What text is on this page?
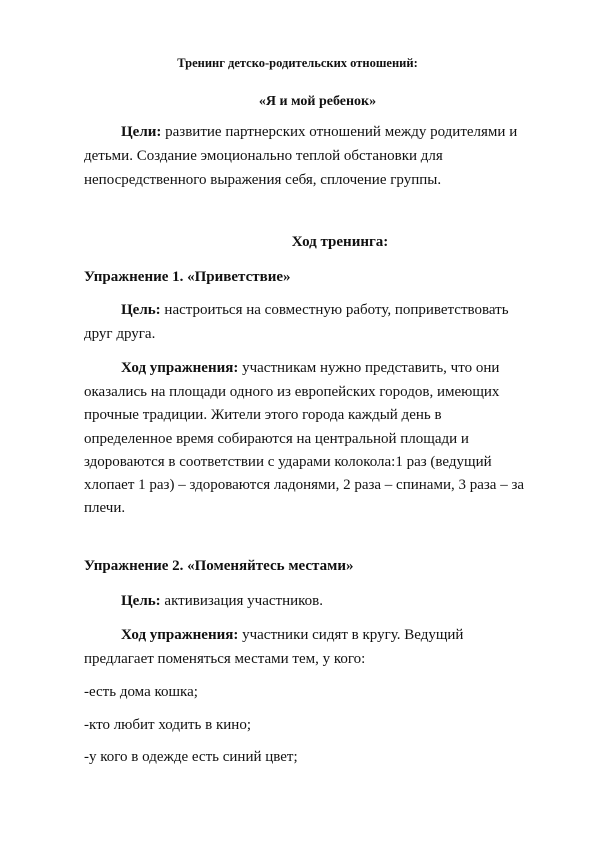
Тренинг детско-родительских отношений:
«Я и мой ребенок»
Цели: развитие партнерских отношений между родителями и
детьми. Создание эмоционально теплой обстановки для
непосредственного выражения себя, сплочение группы.
Ход тренинга:
Упражнение 1. «Приветствие»
Цель: настроиться на совместную работу, поприветствовать
друг друга.
Ход упражнения: участникам нужно представить, что они
оказались на площади одного из европейских городов, имеющих
прочные традиции. Жители этого города каждый день в
определенное время собираются на центральной площади и
здороваются в соответствии с ударами колокола:1 раз (ведущий
хлопает 1 раз) – здороваются ладонями, 2 раза – спинами, 3 раза – за
плечи.
Упражнение 2. «Поменяйтесь местами»
Цель: активизация участников.
Ход упражнения: участники сидят в кругу. Ведущий
предлагает поменяться местами тем, у кого:
-есть дома кошка;
-кто любит ходить в кино;
-у кого в одежде есть синий цвет;
